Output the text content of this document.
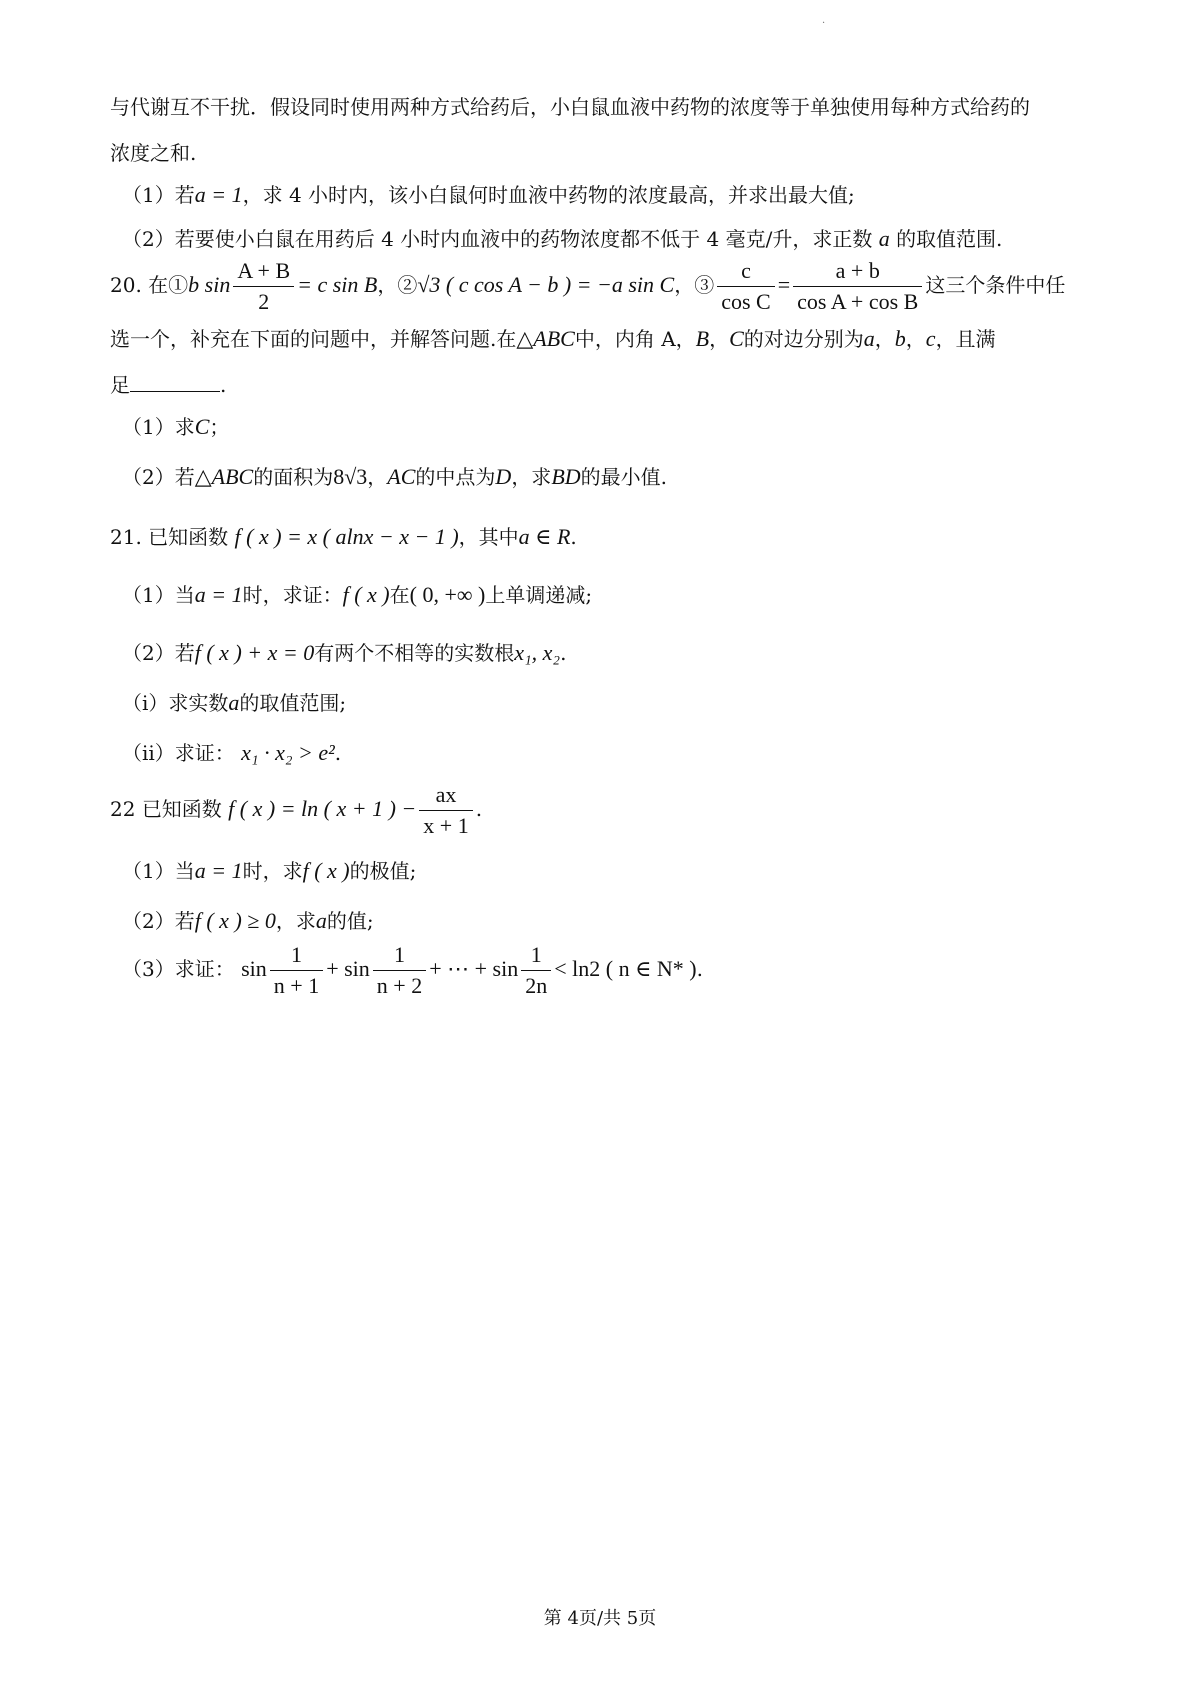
·
与代谢互不干扰．假设同时使用两种方式给药后，小白鼠血液中药物的浓度等于单独使用每种方式给药的
浓度之和.
（1）若a = 1，求 4 小时内，该小白鼠何时血液中药物的浓度最高，并求出最大值;
（2）若要使小白鼠在用药后 4 小时内血液中的药物浓度都不低于 4 毫克/升，求正数 a 的取值范围.
20. 在①b $\sin \frac{A + B}{2} = c$ sin B，②√3 ( c cos A − b ) = −a sin C，③ $\frac{c}{\text{cos C}} = \frac{a + b}{\text{cos A + cos B}}$ 这三个条件中任
选一个，补充在下面的问题中，并解答问题.在△ABC中，内角 A，B，C的对边分别为a，b，c，且满
足	.
（1）求C；
（2）若△ABC的面积为8√3，AC的中点为D，求BD的最小值.
21. 已知函数 f ( x ) = x ( alnx − x − 1 )，其中a ∈ R.
（1）当a = 1时，求证：f ( x )在( 0, +∞ )上单调递减;
（2）若f ( x ) + x = 0有两个不相等的实数根x₁, x₂.
（ⅰ）求实数a的取值范围;
（ⅱ）求证： x₁ · x₂ > e².
22 已知函数 f ( x ) = ln ( x + 1 ) − $\frac{ax}{x + 1}$ .
（1）当a = 1时，求f ( x )的极值;
（2）若f ( x ) ≥ 0，求a的值;
（3）求证： $\sin \frac{1}{n + 1} + \sin \frac{1}{n + 2}$ + ⋯ + $\sin \frac{1}{2n} < \ln 2$ ( n ∈ N* ).
第 4页/共 5页
